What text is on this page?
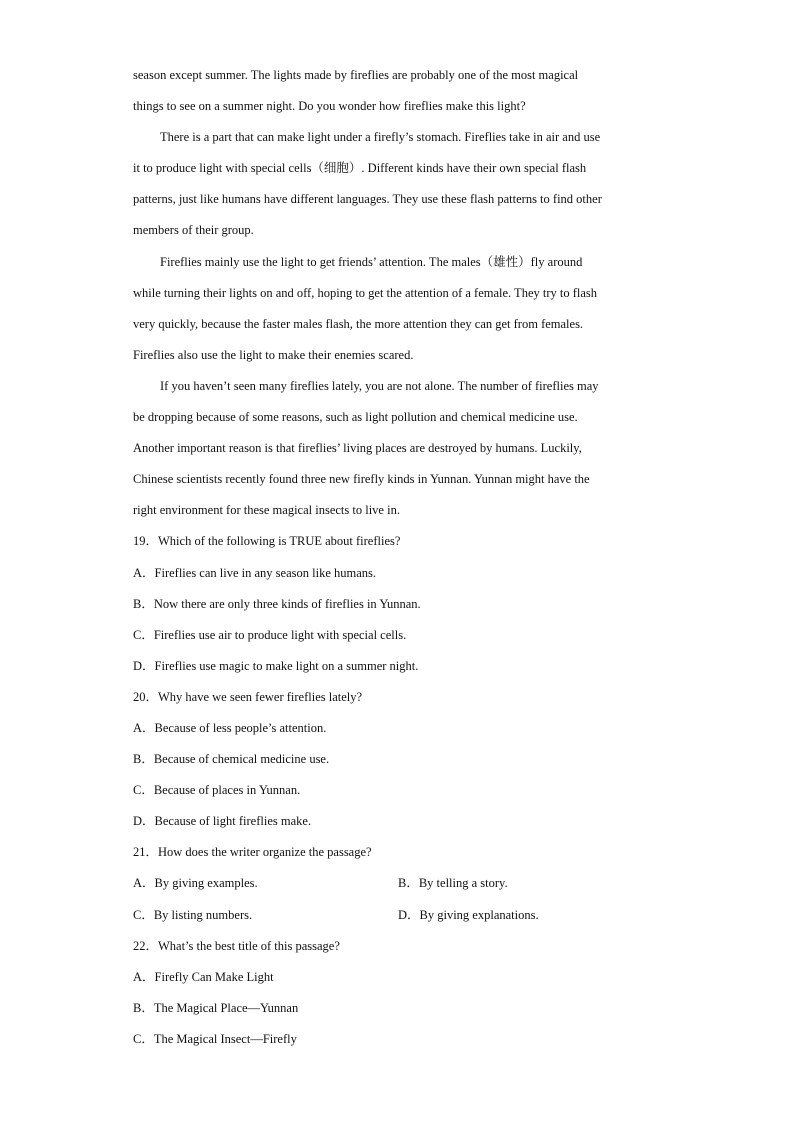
season except summer. The lights made by fireflies are probably one of the most magical
things to see on a summer night. Do you wonder how fireflies make this light?
There is a part that can make light under a firefly’s stomach. Fireflies take in air and use
it to produce light with special cells（细胞）. Different kinds have their own special flash
patterns, just like humans have different languages. They use these flash patterns to find other
members of their group.
Fireflies mainly use the light to get friends’ attention. The males（雄性）fly around
while turning their lights on and off, hoping to get the attention of a female. They try to flash
very quickly, because the faster males flash, the more attention they can get from females.
Fireflies also use the light to make their enemies scared.
If you haven’t seen many fireflies lately, you are not alone. The number of fireflies may
be dropping because of some reasons, such as light pollution and chemical medicine use.
Another important reason is that fireflies’ living places are destroyed by humans. Luckily,
Chinese scientists recently found three new firefly kinds in Yunnan. Yunnan might have the
right environment for these magical insects to live in.

19．Which of the following is TRUE about fireflies?

A．Fireflies can live in any season like humans.

B．Now there are only three kinds of fireflies in Yunnan.

C．Fireflies use air to produce light with special cells.

D．Fireflies use magic to make light on a summer night.

20．Why have we seen fewer fireflies lately?

A．Because of less people’s attention.

B．Because of chemical medicine use.

C．Because of places in Yunnan.

D．Because of light fireflies make.

21．How does the writer organize the passage?

A．By giving examples.	B．By telling a story.
C．By listing numbers.	D．By giving explanations.

22．What’s the best title of this passage?

A．Firefly Can Make Light

B．The Magical Place—Yunnan

C．The Magical Insect—Firefly
